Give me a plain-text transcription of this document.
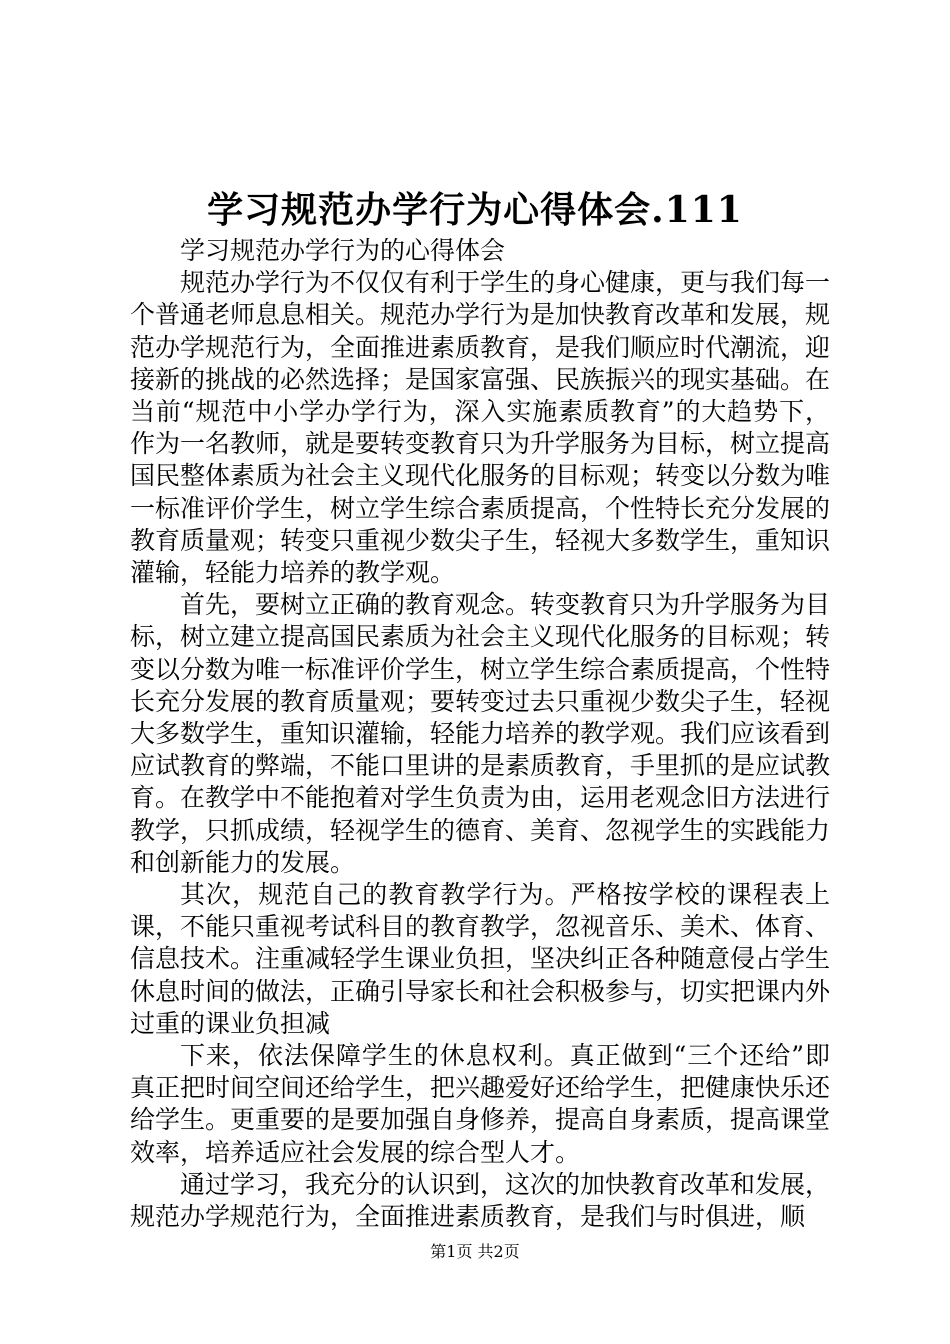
学习规范办学行为心得体会.111

学习规范办学行为的心得体会

规范办学行为不仅仅有利于学生的身心健康，更与我们每一个普通老师息息相关。规范办学行为是加快教育改革和发展，规范办学规范行为，全面推进素质教育，是我们顺应时代潮流，迎接新的挑战的必然选择；是国家富强、民族振兴的现实基础。在当前“规范中小学办学行为，深入实施素质教育”的大趋势下，作为一名教师，就是要转变教育只为升学服务为目标，树立提高国民整体素质为社会主义现代化服务的目标观；转变以分数为唯一标准评价学生，树立学生综合素质提高，个性特长充分发展的教育质量观；转变只重视少数尖子生，轻视大多数学生，重知识灌输，轻能力培养的教学观。

首先，要树立正确的教育观念。转变教育只为升学服务为目标，树立建立提高国民素质为社会主义现代化服务的目标观；转变以分数为唯一标准评价学生，树立学生综合素质提高，个性特长充分发展的教育质量观；要转变过去只重视少数尖子生，轻视大多数学生，重知识灌输，轻能力培养的教学观。我们应该看到应试教育的弊端，不能口里讲的是素质教育，手里抓的是应试教育。在教学中不能抱着对学生负责为由，运用老观念旧方法进行教学，只抓成绩，轻视学生的德育、美育、忽视学生的实践能力和创新能力的发展。

其次，规范自己的教育教学行为。严格按学校的课程表上课，不能只重视考试科目的教育教学，忽视音乐、美术、体育、信息技术。注重减轻学生课业负担，坚决纠正各种随意侵占学生休息时间的做法，正确引导家长和社会积极参与，切实把课内外过重的课业负担减

下来，依法保障学生的休息权利。真正做到“三个还给”即真正把时间空间还给学生，把兴趣爱好还给学生，把健康快乐还给学生。更重要的是要加强自身修养，提高自身素质，提高课堂效率，培养适应社会发展的综合型人才。

通过学习，我充分的认识到，这次的加快教育改革和发展，规范办学规范行为，全面推进素质教育，是我们与时俱进，顺

第1页 共2页
